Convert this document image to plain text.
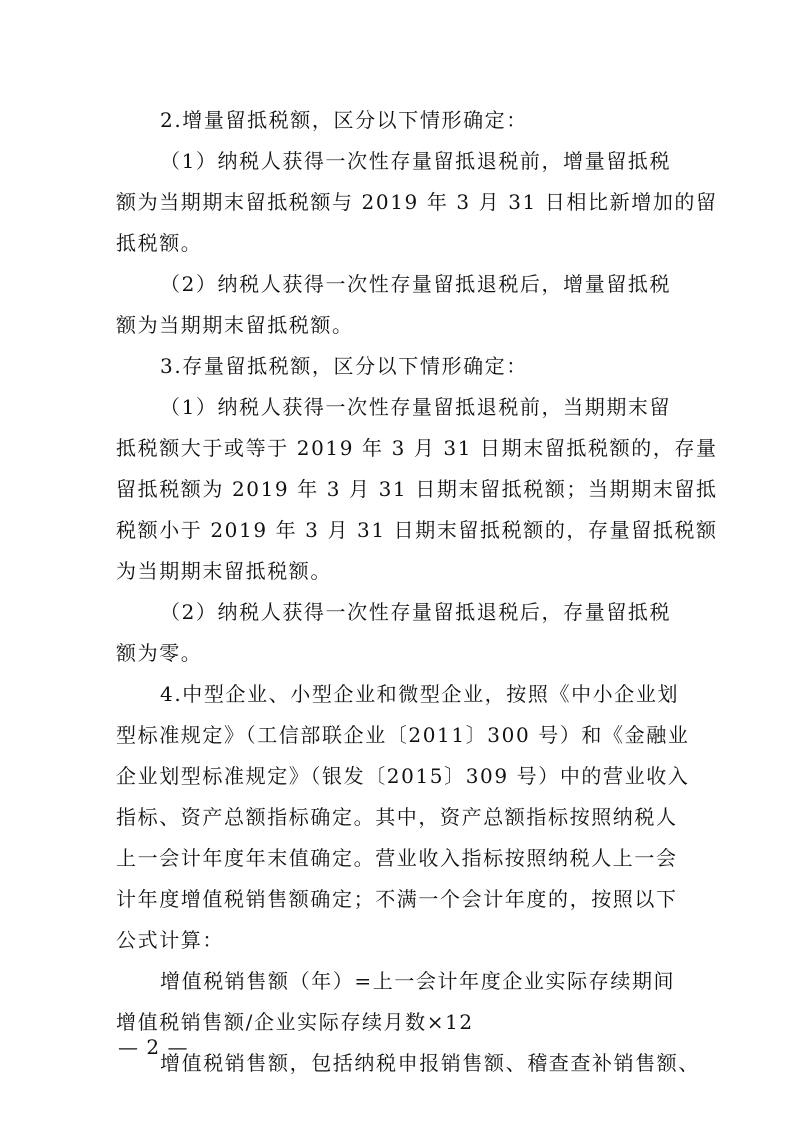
2.增量留抵税额，区分以下情形确定：

（1）纳税人获得一次性存量留抵退税前，增量留抵税
额为当期期末留抵税额与 2019 年 3 月 31 日相比新增加的留
抵税额。

（2）纳税人获得一次性存量留抵退税后，增量留抵税
额为当期期末留抵税额。

3.存量留抵税额，区分以下情形确定：

（1）纳税人获得一次性存量留抵退税前，当期期末留
抵税额大于或等于 2019 年 3 月 31 日期末留抵税额的，存量
留抵税额为 2019 年 3 月 31 日期末留抵税额；当期期末留抵
税额小于 2019 年 3 月 31 日期末留抵税额的，存量留抵税额
为当期期末留抵税额。

（2）纳税人获得一次性存量留抵退税后，存量留抵税
额为零。

4.中型企业、小型企业和微型企业，按照《中小企业划
型标准规定》（工信部联企业〔2011〕300 号）和《金融业
企业划型标准规定》（银发〔2015〕309 号）中的营业收入
指标、资产总额指标确定。其中，资产总额指标按照纳税人
上一会计年度年末值确定。营业收入指标按照纳税人上一会
计年度增值税销售额确定；不满一个会计年度的，按照以下
公式计算：

增值税销售额（年）=上一会计年度企业实际存续期间
增值税销售额/企业实际存续月数×12

增值税销售额，包括纳税申报销售额、稽查查补销售额、

— 2 —
